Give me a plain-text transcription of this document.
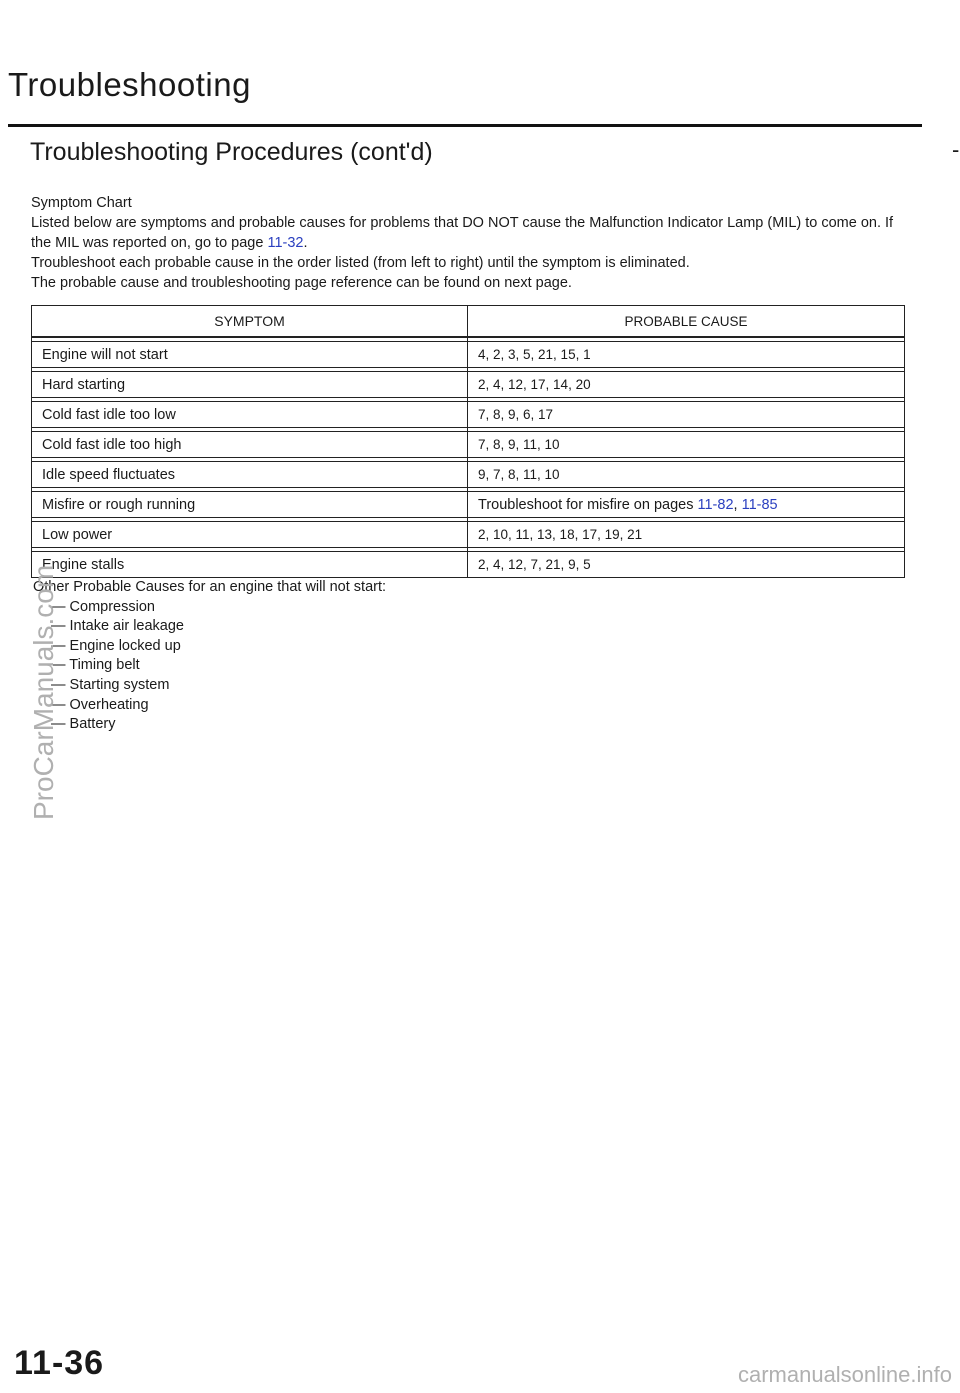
Troubleshooting
Troubleshooting Procedures (cont'd)	-

Symptom Chart

Listed below are symptoms and probable causes for problems that DO NOT cause the Malfunction Indicator Lamp (MIL) to come on. If the MIL was reported on, go to page 11-32.

Troubleshoot each probable cause in the order listed (from left to right) until the symptom is eliminated.

The probable cause and troubleshooting page reference can be found on next page.

SYMPTOM	PROBABLE CAUSE

Engine will not start	4, 2, 3, 5, 21, 15, 1

Hard starting	2, 4, 12, 17, 14, 20

Cold fast idle too low	7, 8, 9, 6, 17

Cold fast idle too high	7, 8, 9, 11, 10

Idle speed fluctuates	9, 7, 8, 11, 10

Misfire or rough running	Troubleshoot for misfire on pages 11-82, 11-85

Low power	2, 10, 11, 13, 18, 17, 19, 21

Engine stalls	2, 4, 12, 7, 21, 9, 5
Other Probable Causes for an engine that will not start:
— Compression
— Intake air leakage
— Engine locked up
— Timing belt
— Starting system
— Overheating
— Battery
ProCarManuals.com
11-36	carmanualsonline.info
